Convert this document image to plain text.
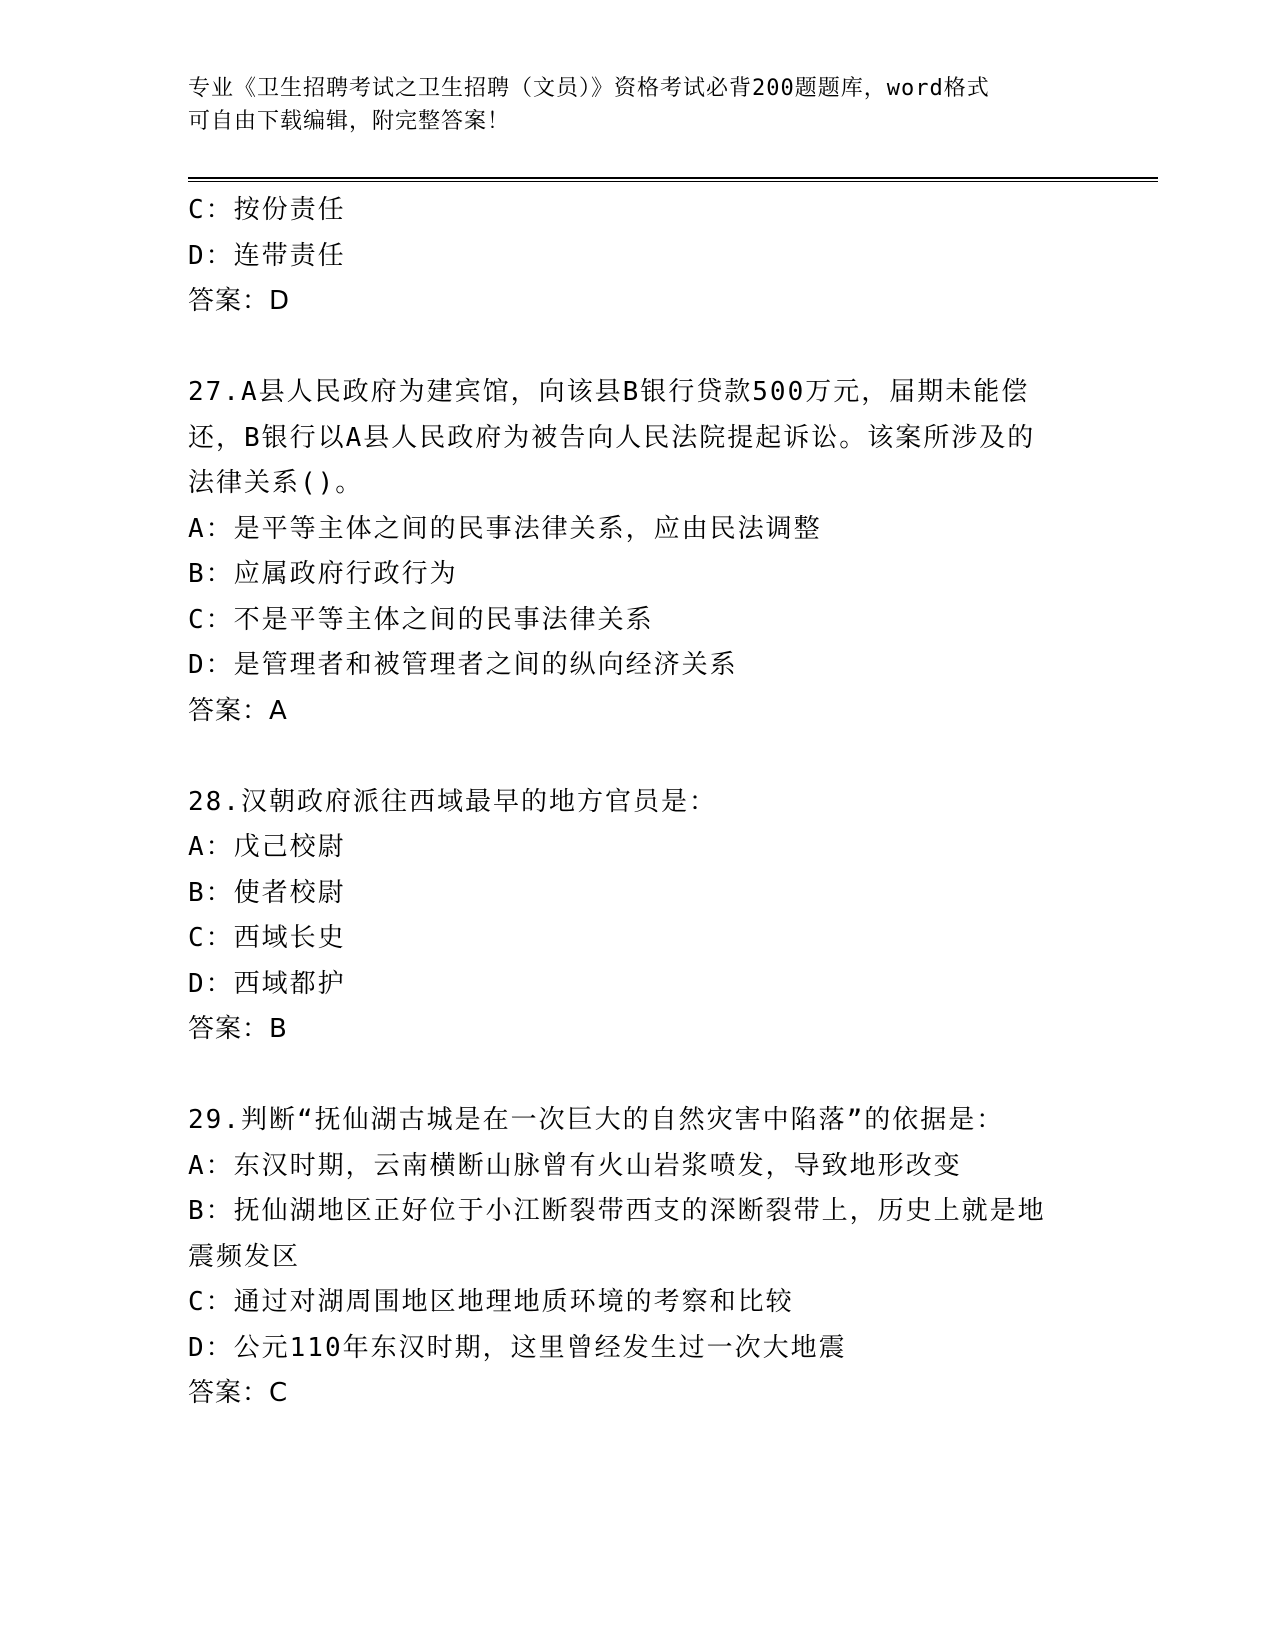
专业《卫生招聘考试之卫生招聘（文员）》资格考试必背200题题库，word格式
可自由下载编辑，附完整答案！
C：按份责任
D：连带责任
答案：D
27.A县人民政府为建宾馆，向该县B银行贷款500万元，届期未能偿
还，B银行以A县人民政府为被告向人民法院提起诉讼。该案所涉及的
法律关系()。
A：是平等主体之间的民事法律关系，应由民法调整
B：应属政府行政行为
C：不是平等主体之间的民事法律关系
D：是管理者和被管理者之间的纵向经济关系
答案：A
28.汉朝政府派往西域最早的地方官员是：
A：戊己校尉
B：使者校尉
C：西域长史
D：西域都护
答案：B
29.判断“抚仙湖古城是在一次巨大的自然灾害中陷落”的依据是：
A：东汉时期，云南横断山脉曾有火山岩浆喷发，导致地形改变
B：抚仙湖地区正好位于小江断裂带西支的深断裂带上，历史上就是地
震频发区
C：通过对湖周围地区地理地质环境的考察和比较
D：公元110年东汉时期，这里曾经发生过一次大地震
答案：C
